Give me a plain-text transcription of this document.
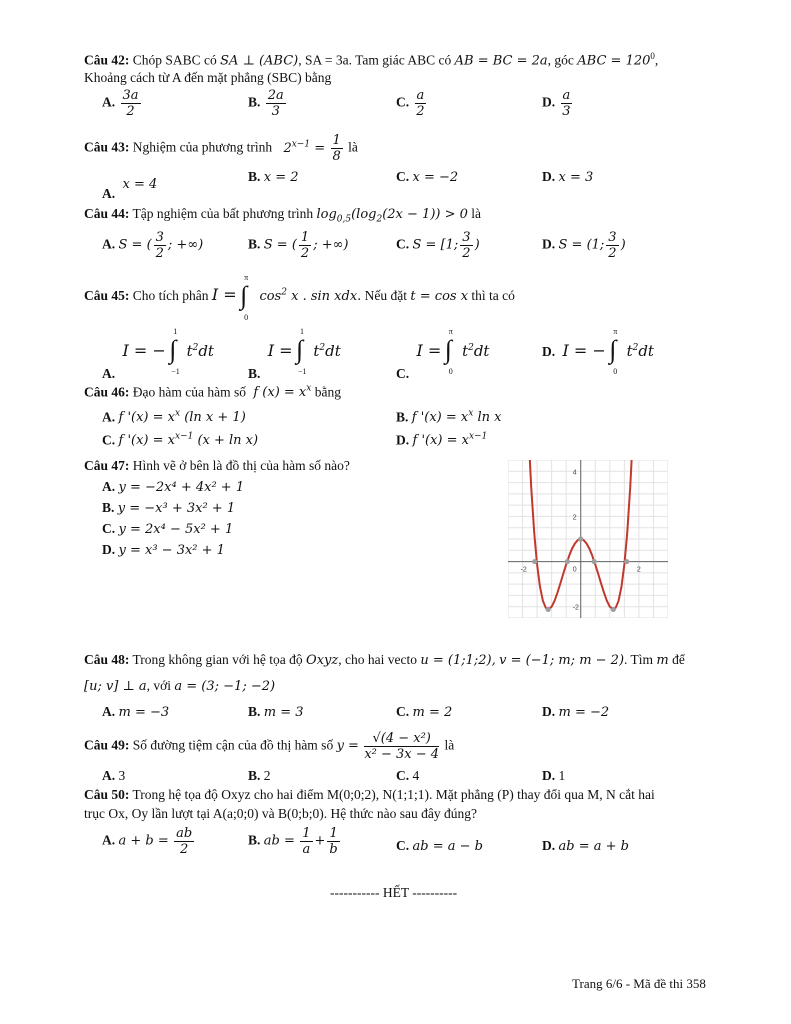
Câu 42: Chóp SABC có SA ⊥ (ABC), SA = 3a. Tam giác ABC có AB = BC = 2a, góc ABC = $120^0$,
Khoảng cách từ A đến mặt phẳng (SBC) bằng
A. $\frac{3a}{2}$	B. $\frac{2a}{3}$	C. $\frac{a}{2}$	D. $\frac{a}{3}$
Câu 43: Nghiệm của phương trình $2^{x-1} = \frac{1}{8}$ là
A. x = 4
B. x = 2	C. x = −2	D. x = 3
Câu 44: Tập nghiệm của bất phương trình $\log_{0,5}(\log_2(2x - 1)) > 0$ là
A. S = ( $\frac{3}{2}$ ; +∞)	B. S = ( $\frac{1}{2}$ ; +∞)	C. S = [1; $\frac{3}{2}$ )	D. S = (1; $\frac{3}{2}$ )
Câu 45: Cho tích phân I =
π
∫
0
$\cos^2 x$ . sin xdx. Nếu đặt t = cos x thì ta có
A. I = −
1
∫
−1
$t^2dt$
B. I =
1
∫
−1
$t^2dt$
C. I =
π
∫
0
$t^2dt$	D. I = −
π
∫
0
$t^2dt$
Câu 46: Đạo hàm của hàm số f $(x) = x^x$ bằng
A. f '$(x) = x^x$ (ln x + 1)	B. f '$(x) = x^x$ ln x
C. f '$(x) = x^{x-1}$ (x + ln x)	D. f '$(x) = x^{x-1}$
Câu 47: Hình vẽ ở bên là đồ thị của hàm số nào?
A. y = −2x⁴ + 4x² + 1
B. y = −x³ + 3x² + 1
C. y = 2x⁴ − 5x² + 1
D. y = x³ − 3x² + 1
-2	0	2
-2
2
4
Câu 48: Trong không gian với hệ tọa độ Oxyz, cho hai vecto u = (1;1;2), v = (−1; m; m − 2). Tìm m để
[u; v] ⊥ a, với a = (3; −1; −2)
A. m = −3	B. m = 3	C. m = 2	D. m = −2
Câu 49: Số đường tiệm cận của đồ thị hàm số $y = \frac{\text{√(4 − x²)}}{\text{x² − 3x − 4}}$ là
A. 3	B. 2	C. 4	D. 1
Câu 50: Trong hệ tọa độ Oxyz cho hai điểm M(0;0;2), N(1;1;1). Mặt phẳng (P) thay đổi qua M, N cắt hai
trục Ox, Oy lần lượt tại A(a;0;0) và B(0;b;0). Hệ thức nào sau đây đúng?
A. $a + b = \frac{ab}{2}$	B. ab = $\frac{1}{a} + \frac{1}{b}$	C. ab = a − b	D. ab = a + b
----------- HẾT ----------
Trang 6/6 - Mã đề thi 358
